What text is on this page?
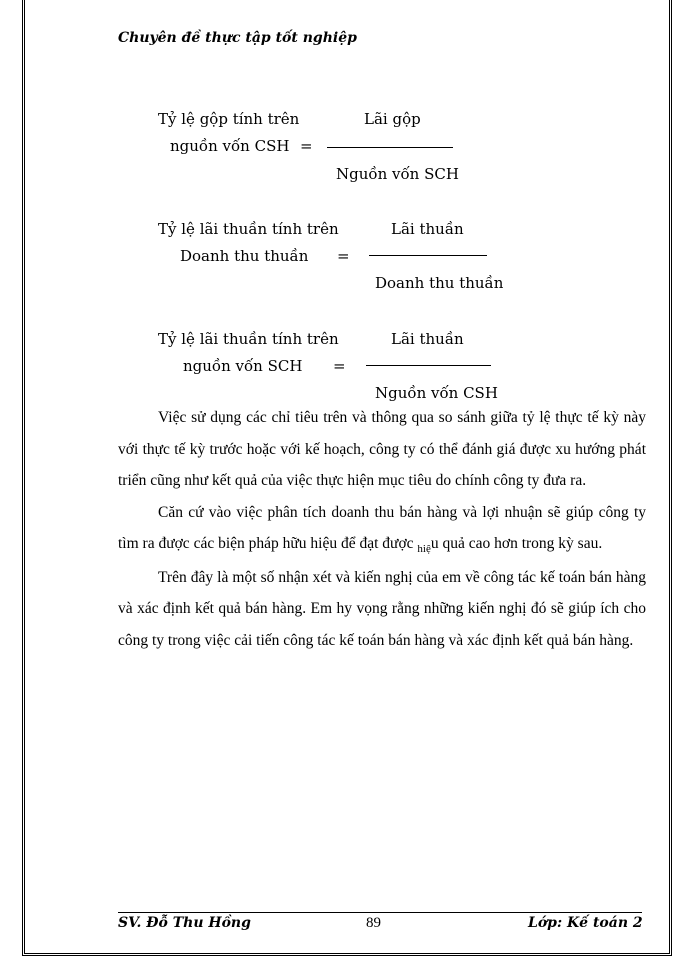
Chuyên đề thực tập tốt nghiệp
Tỷ lệ gộp tính trên
nguồn vốn CSH =
Lãi gộp
Nguồn vốn SCH
Tỷ lệ lãi thuần tính trên
Doanh thu thuần =
Lãi thuần
Doanh thu thuần
Tỷ lệ lãi thuần tính trên
nguồn vốn SCH =
Lãi thuần
Nguồn vốn CSH

Việc sử dụng các chỉ tiêu trên và thông qua so sánh giữa tỷ lệ thực tế kỳ này với thực tế kỳ trước hoặc với kế hoạch, công ty có thể đánh giá được xu hướng phát triển cũng như kết quả của việc thực hiện mục tiêu do chính công ty đưa ra.

Căn cứ vào việc phân tích doanh thu bán hàng và lợi nhuận sẽ giúp công ty tìm ra được các biện pháp hữu hiệu để đạt được $_{hiệ}$u quả cao hơn trong kỳ sau.

Trên đây là một số nhận xét và kiến nghị của em về công tác kế toán bán hàng và xác định kết quả bán hàng. Em hy vọng rằng những kiến nghị đó sẽ giúp ích cho công ty trong việc cải tiến công tác kế toán bán hàng và xác định kết quả bán hàng.

SV. Đỗ Thu Hồng	89	Lớp: Kế toán 2
